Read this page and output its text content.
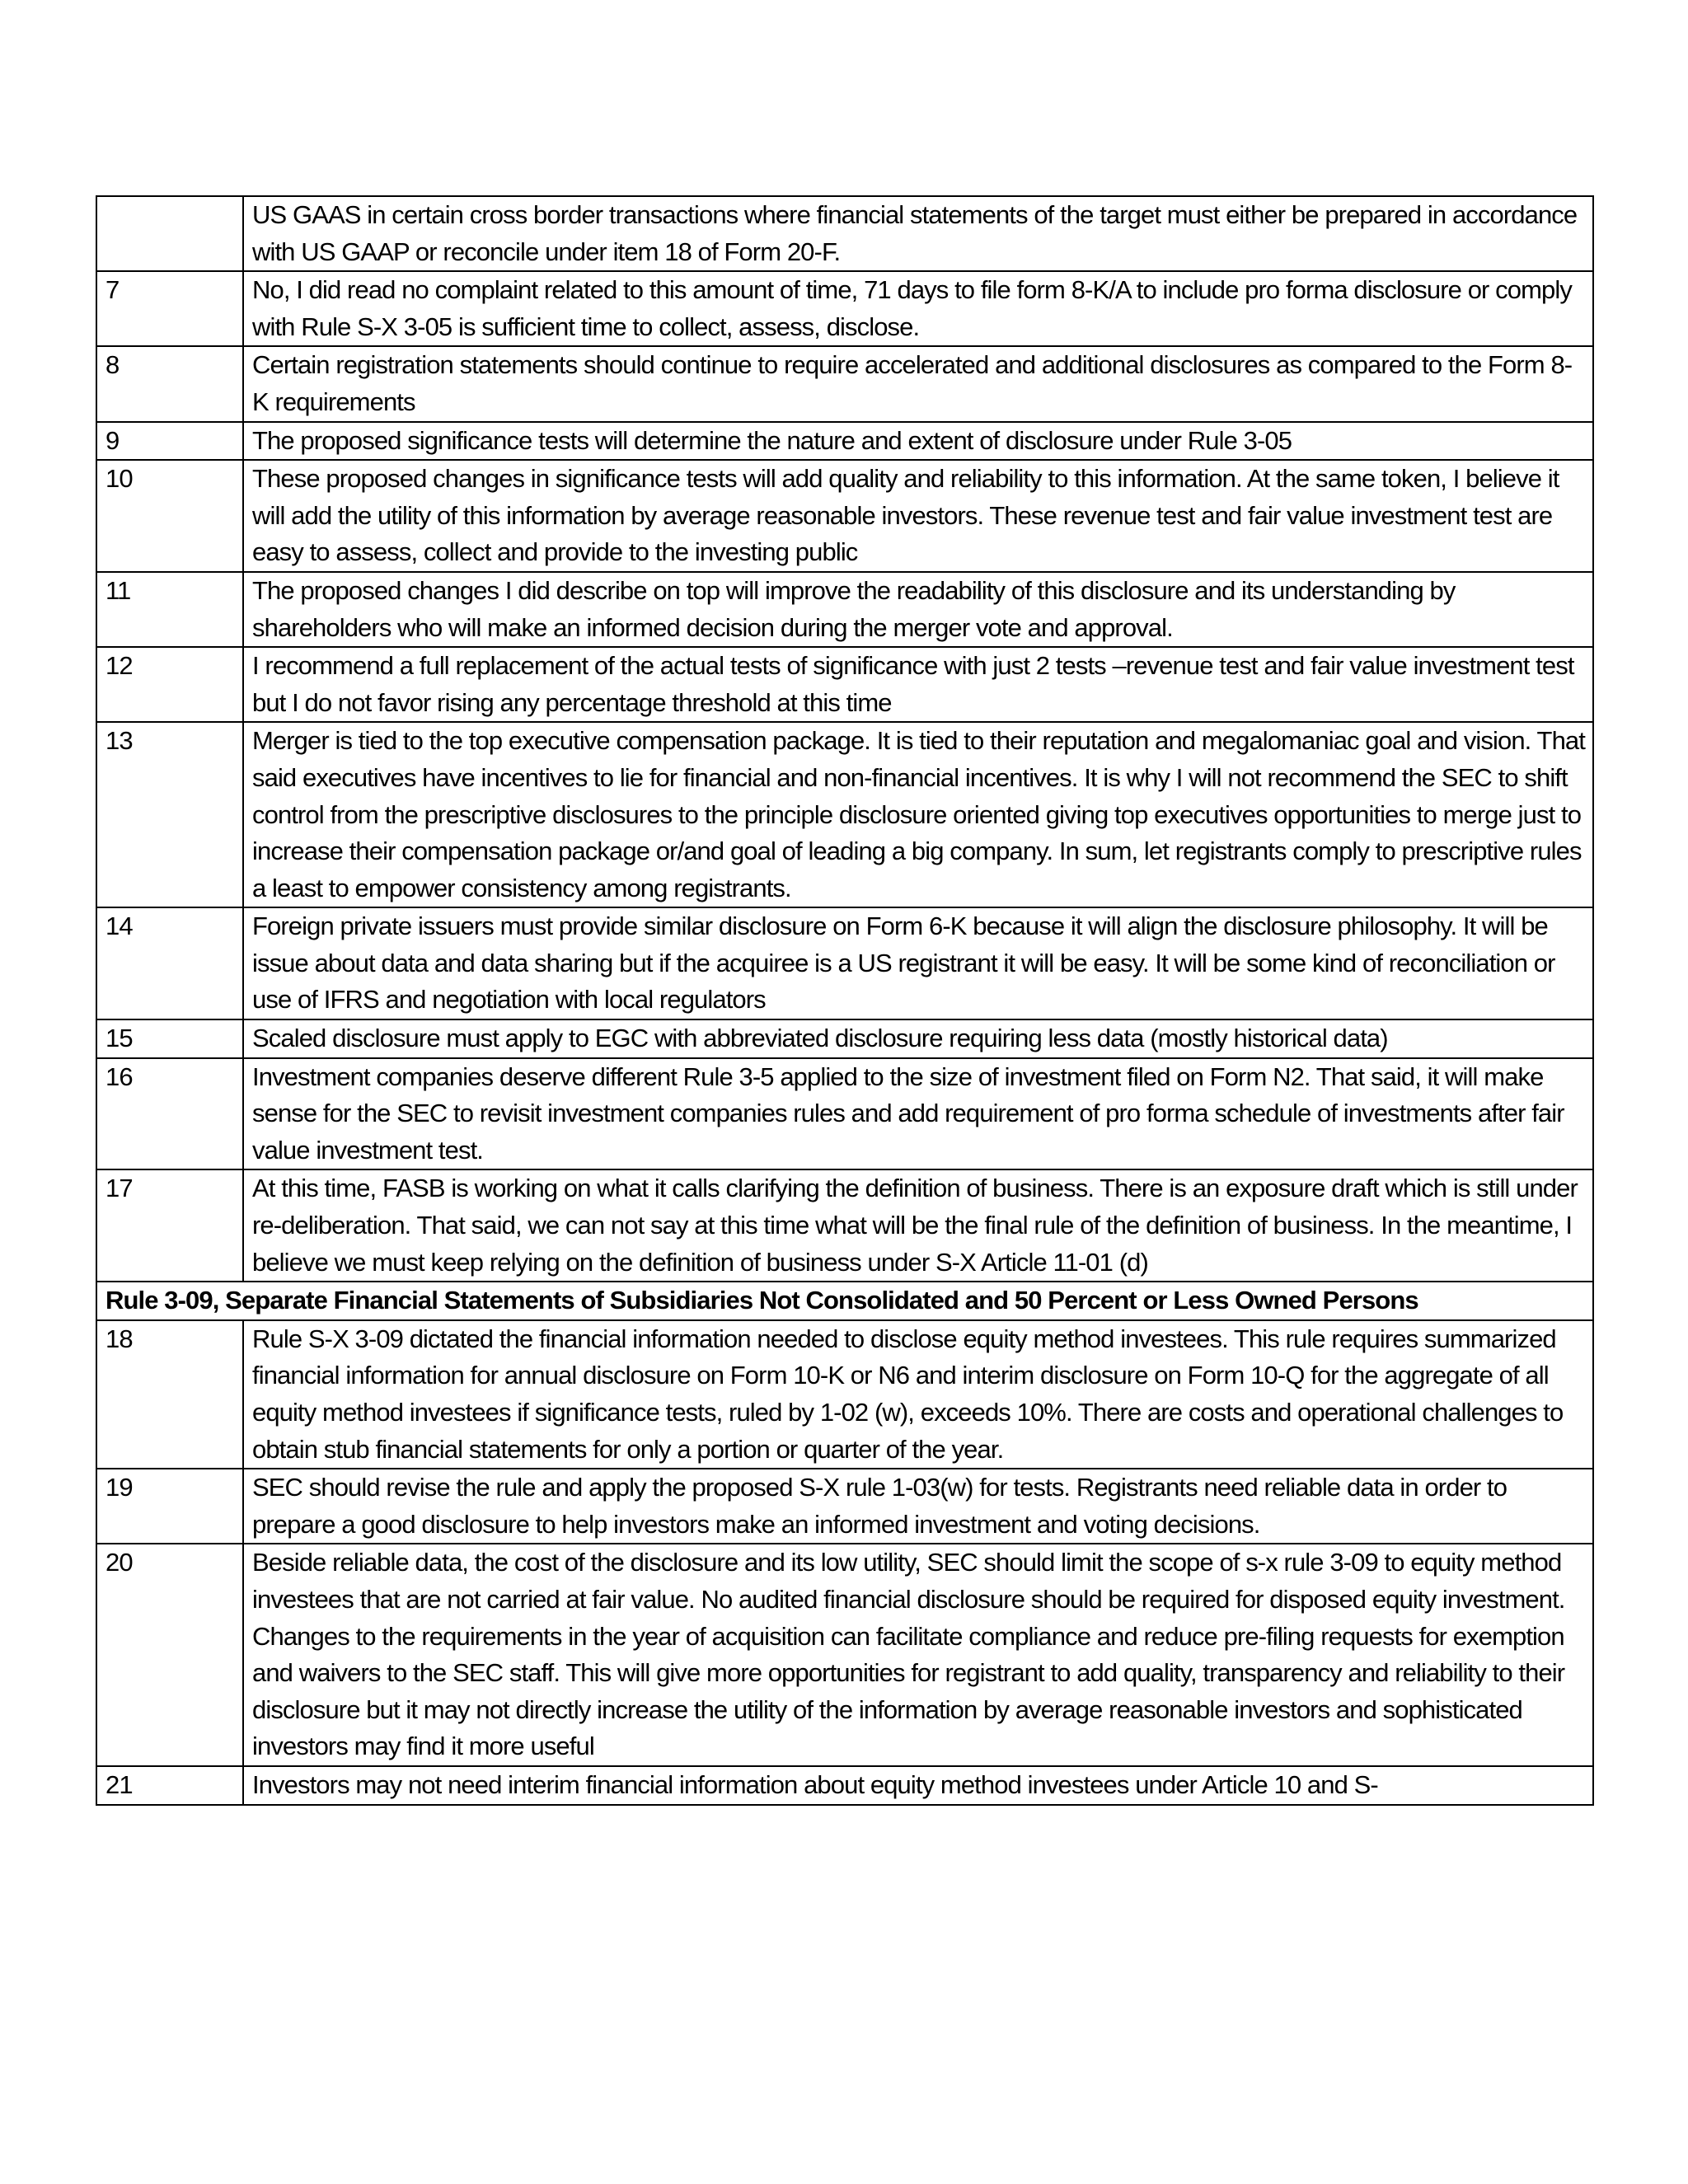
	US GAAS in certain cross border transactions where financial statements of the target must either be prepared in accordance with US GAAP or reconcile under item 18 of Form 20-F.
7	No, I did read no complaint related to this amount of time, 71 days to file form 8-K/A to include pro forma disclosure or comply with Rule S-X 3-05 is sufficient time to collect, assess, disclose.
8	Certain registration statements should continue to require accelerated and additional disclosures as compared to the Form 8-K requirements
9	The proposed significance tests will determine the nature and extent of disclosure under Rule 3-05
10	These proposed changes in significance tests will add quality and reliability to this information. At the same token, I believe it will add the utility of this information by average reasonable investors. These revenue test and fair value investment test are easy to assess, collect and provide to the investing public
11	The proposed changes I did describe on top will improve the readability of this disclosure and its understanding by shareholders who will make an informed decision during the merger vote and approval.
12	I recommend a full replacement of the actual tests of significance with just 2 tests –revenue test and fair value investment test but I do not favor rising any percentage threshold at this time
13	Merger is tied to the top executive compensation package. It is tied to their reputation and megalomaniac goal and vision. That said executives have incentives to lie for financial and non-financial incentives. It is why I will not recommend the SEC to shift control from the prescriptive disclosures to the principle disclosure oriented giving top executives opportunities to merge just to increase their compensation package or/and goal of leading a big company. In sum, let registrants comply to prescriptive rules a least to empower consistency among registrants.
14	Foreign private issuers must provide similar disclosure on Form 6-K because it will align the disclosure philosophy. It will be issue about data and data sharing but if the acquiree is a US registrant it will be easy. It will be some kind of reconciliation or use of IFRS and negotiation with local regulators
15	Scaled disclosure must apply to EGC with abbreviated disclosure requiring less data (mostly historical data)
16	Investment companies deserve different Rule 3-5 applied to the size of investment filed on Form N2. That said, it will make sense for the SEC to revisit investment companies rules and add requirement of pro forma schedule of investments after fair value investment test.
17	At this time, FASB is working on what it calls clarifying the definition of business. There is an exposure draft which is still under re-deliberation. That said, we can not say at this time what will be the final rule of the definition of business. In the meantime, I believe we must keep relying on the definition of business under S-X Article 11-01 (d)
Rule 3-09, Separate Financial Statements of Subsidiaries Not Consolidated and 50 Percent or Less Owned Persons	
18	Rule S-X 3-09 dictated the financial information needed to disclose equity method investees. This rule requires summarized financial information for annual disclosure on Form 10-K or N6 and interim disclosure on Form 10-Q for the aggregate of all equity method investees if significance tests, ruled by 1-02 (w), exceeds 10%. There are costs and operational challenges to obtain stub financial statements for only a portion or quarter of the year.
19	SEC should revise the rule and apply the proposed S-X rule 1-03(w) for tests. Registrants need reliable data in order to prepare a good disclosure to help investors make an informed investment and voting decisions.
20	Beside reliable data, the cost of the disclosure and its low utility, SEC should limit the scope of s-x rule 3-09 to equity method investees that are not carried at fair value. No audited financial disclosure should be required for disposed equity investment. Changes to the requirements in the year of acquisition can facilitate compliance and reduce pre-filing requests for exemption and waivers to the SEC staff. This will give more opportunities for registrant to add quality, transparency and reliability to their disclosure but it may not directly increase the utility of the information by average reasonable investors and sophisticated investors may find it more useful
21	Investors may not need interim financial information about equity method investees under Article 10 and S-
